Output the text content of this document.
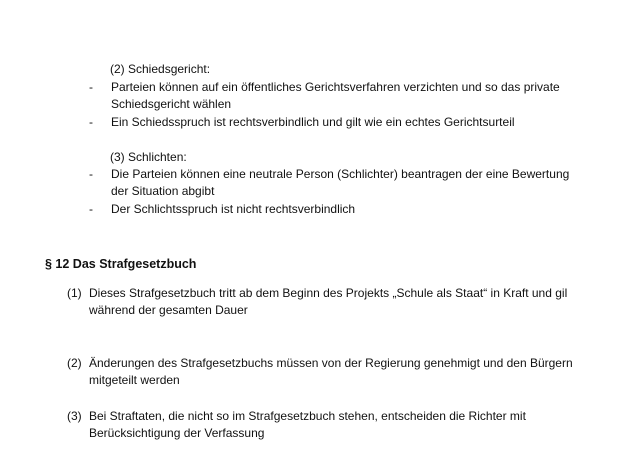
(2) Schiedsgericht:
- Parteien können auf ein öffentliches Gerichtsverfahren verzichten und so das private
Schiedsgericht wählen
- Ein Schiedsspruch ist rechtsverbindlich und gilt wie ein echtes Gerichtsurteil
(3) Schlichten:
- Die Parteien können eine neutrale Person (Schlichter) beantragen der eine Bewertung
der Situation abgibt
- Der Schlichtsspruch ist nicht rechtsverbindlich
§ 12 Das Strafgesetzbuch
(1) Dieses Strafgesetzbuch tritt ab dem Beginn des Projekts „Schule als Staat“ in Kraft und gil
während der gesamten Dauer
(2) Änderungen des Strafgesetzbuchs müssen von der Regierung genehmigt und den Bürgern
mitgeteilt werden
(3) Bei Straftaten, die nicht so im Strafgesetzbuch stehen, entscheiden die Richter mit
Berücksichtigung der Verfassung
